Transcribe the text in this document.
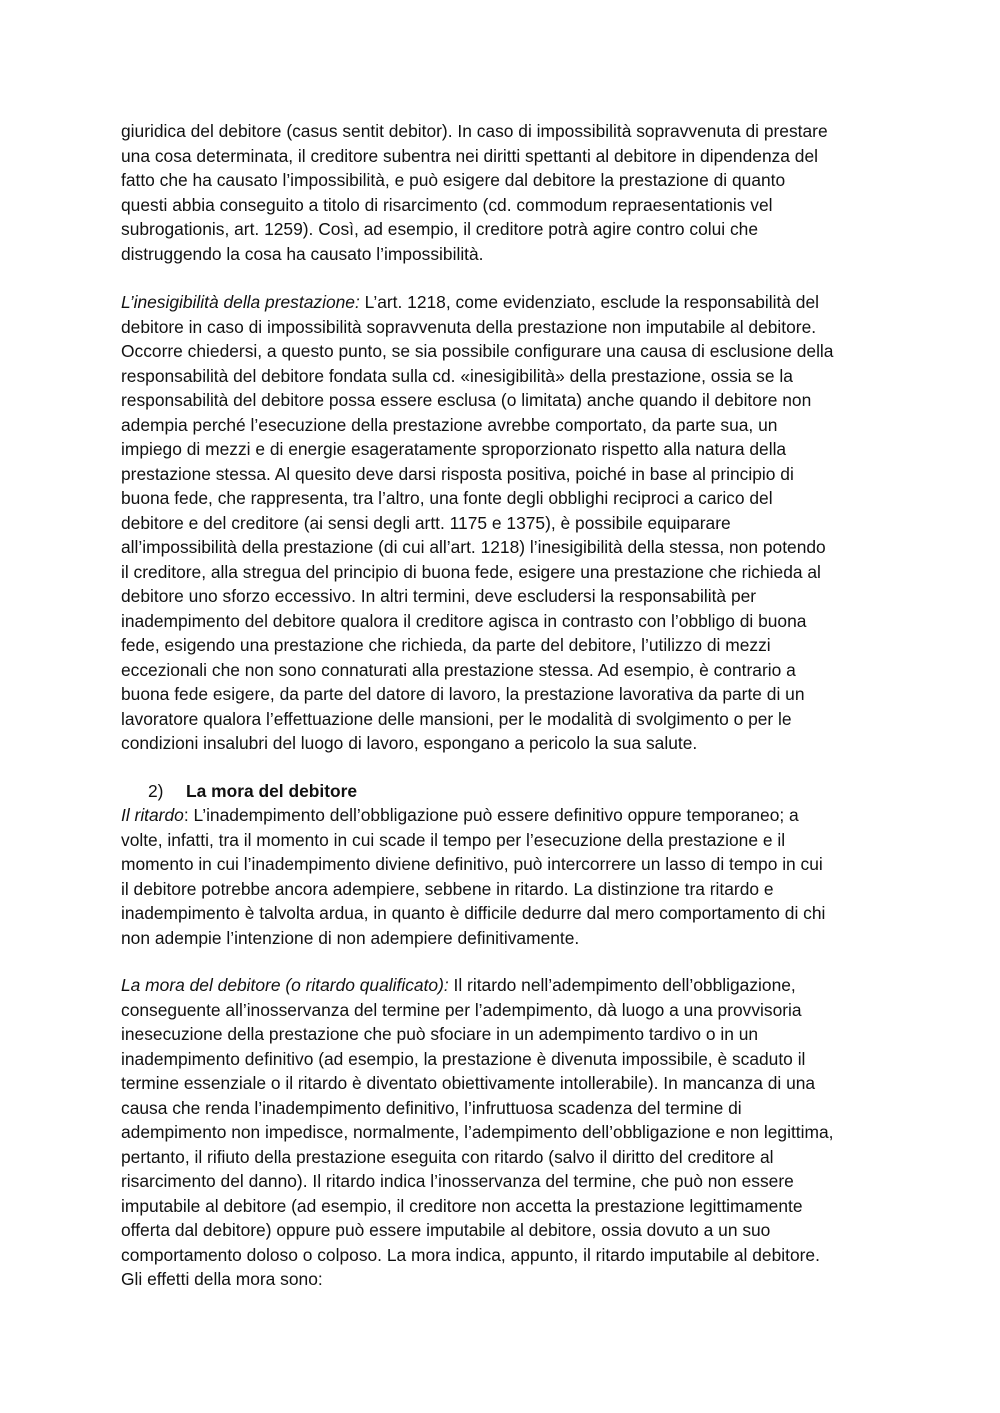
giuridica del debitore (casus sentit debitor). In caso di impossibilità sopravvenuta di prestare
una cosa determinata, il creditore subentra nei diritti spettanti al debitore in dipendenza del
fatto che ha causato l’impossibilità, e può esigere dal debitore la prestazione di quanto
questi abbia conseguito a titolo di risarcimento (cd. commodum repraesentationis vel
subrogationis, art. 1259). Così, ad esempio, il creditore potrà agire contro colui che
distruggendo la cosa ha causato l’impossibilità.
L’inesigibilità della prestazione: L’art. 1218, come evidenziato, esclude la responsabilità del
debitore in caso di impossibilità sopravvenuta della prestazione non imputabile al debitore.
Occorre chiedersi, a questo punto, se sia possibile configurare una causa di esclusione della
responsabilità del debitore fondata sulla cd. «inesigibilità» della prestazione, ossia se la
responsabilità del debitore possa essere esclusa (o limitata) anche quando il debitore non
adempia perché l’esecuzione della prestazione avrebbe comportato, da parte sua, un
impiego di mezzi e di energie esageratamente sproporzionato rispetto alla natura della
prestazione stessa. Al quesito deve darsi risposta positiva, poiché in base al principio di
buona fede, che rappresenta, tra l’altro, una fonte degli obblighi reciproci a carico del
debitore e del creditore (ai sensi degli artt. 1175 e 1375), è possibile equiparare
all’impossibilità della prestazione (di cui all’art. 1218) l’inesigibilità della stessa, non potendo
il creditore, alla stregua del principio di buona fede, esigere una prestazione che richieda al
debitore uno sforzo eccessivo. In altri termini, deve escludersi la responsabilità per
inadempimento del debitore qualora il creditore agisca in contrasto con l’obbligo di buona
fede, esigendo una prestazione che richieda, da parte del debitore, l’utilizzo di mezzi
eccezionali che non sono connaturati alla prestazione stessa. Ad esempio, è contrario a
buona fede esigere, da parte del datore di lavoro, la prestazione lavorativa da parte di un
lavoratore qualora l’effettuazione delle mansioni, per le modalità di svolgimento o per le
condizioni insalubri del luogo di lavoro, espongano a pericolo la sua salute.
2) La mora del debitore
Il ritardo: L’inadempimento dell’obbligazione può essere definitivo oppure temporaneo; a
volte, infatti, tra il momento in cui scade il tempo per l’esecuzione della prestazione e il
momento in cui l’inadempimento diviene definitivo, può intercorrere un lasso di tempo in cui
il debitore potrebbe ancora adempiere, sebbene in ritardo. La distinzione tra ritardo e
inadempimento è talvolta ardua, in quanto è difficile dedurre dal mero comportamento di chi
non adempie l’intenzione di non adempiere definitivamente.
La mora del debitore (o ritardo qualificato): Il ritardo nell’adempimento dell’obbligazione,
conseguente all’inosservanza del termine per l’adempimento, dà luogo a una provvisoria
inesecuzione della prestazione che può sfociare in un adempimento tardivo o in un
inadempimento definitivo (ad esempio, la prestazione è divenuta impossibile, è scaduto il
termine essenziale o il ritardo è diventato obiettivamente intollerabile). In mancanza di una
causa che renda l’inadempimento definitivo, l’infruttuosa scadenza del termine di
adempimento non impedisce, normalmente, l’adempimento dell’obbligazione e non legittima,
pertanto, il rifiuto della prestazione eseguita con ritardo (salvo il diritto del creditore al
risarcimento del danno). Il ritardo indica l’inosservanza del termine, che può non essere
imputabile al debitore (ad esempio, il creditore non accetta la prestazione legittimamente
offerta dal debitore) oppure può essere imputabile al debitore, ossia dovuto a un suo
comportamento doloso o colposo. La mora indica, appunto, il ritardo imputabile al debitore.
Gli effetti della mora sono:
